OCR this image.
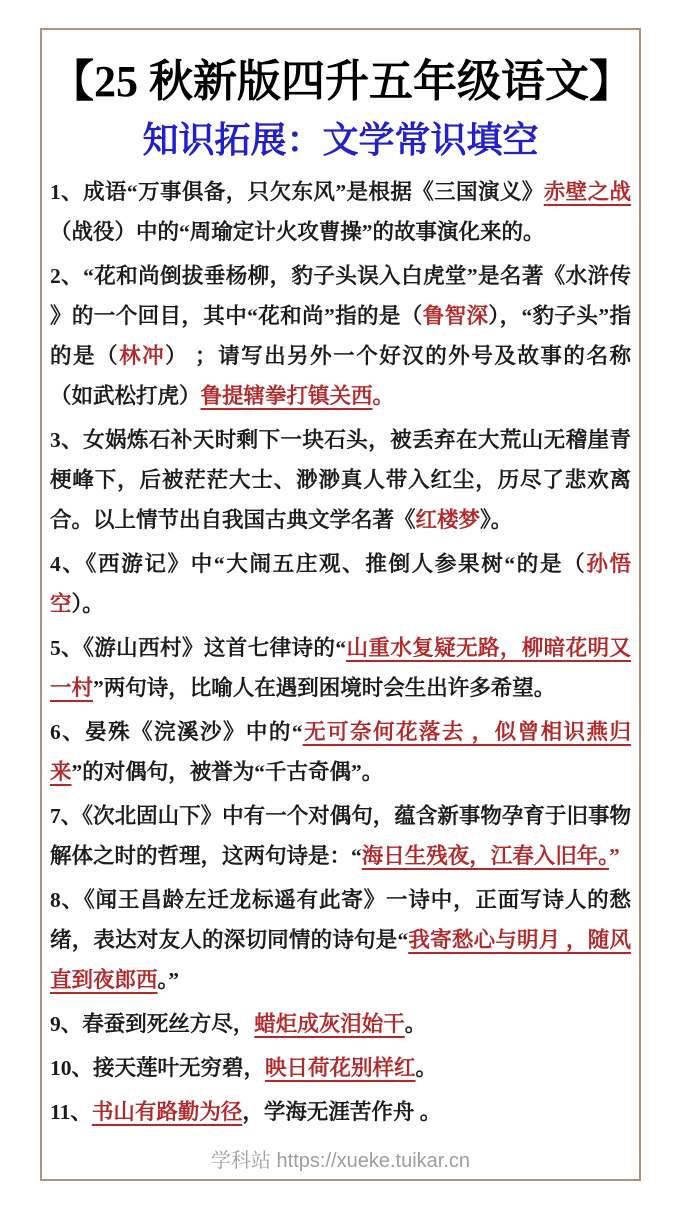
【25 秋新版四升五年级语文】
知识拓展：文学常识填空

1、成语“万事俱备，只欠东风”是根据《三国演义》赤壁之战（战役）中的“周瑜定计火攻曹操”的故事演化来的。

2、“花和尚倒拔垂杨柳，豹子头误入白虎堂”是名著《水浒传 》的一个回目，其中“花和尚”指的是（鲁智深），“豹子头”指的是（林冲） ；请写出另外一个好汉的外号及故事的名称（如武松打虎）鲁提辖拳打镇关西。

3、女娲炼石补天时剩下一块石头，被丢弃在大荒山无稽崖青梗峰下，后被茫茫大士、渺渺真人带入红尘，历尽了悲欢离合。以上情节出自我国古典文学名著《红楼梦》。

4、《西游记》中“大闹五庄观、推倒人参果树“的是（孙悟空）。

5、《游山西村》这首七律诗的“山重水复疑无路，柳暗花明又一村”两句诗，比喻人在遇到困境时会生出许多希望。

6、晏殊《浣溪沙》中的“无可奈何花落去 ，似曾相识燕归来”的对偶句，被誉为“千古奇偶”。

7、《次北固山下》中有一个对偶句，蕴含新事物孕育于旧事物解体之时的哲理，这两句诗是：“海日生残夜，江春入旧年。”

8、《闻王昌龄左迁龙标遥有此寄》一诗中，正面写诗人的愁绪，表达对友人的深切同情的诗句是“我寄愁心与明月 ，随风直到夜郎西。”

9、春蚕到死丝方尽，蜡炬成灰泪始干。

10、接天莲叶无穷碧，映日荷花别样红。

11、书山有路勤为径，学海无涯苦作舟 。

学科站 https://xueke.tuikar.cn
